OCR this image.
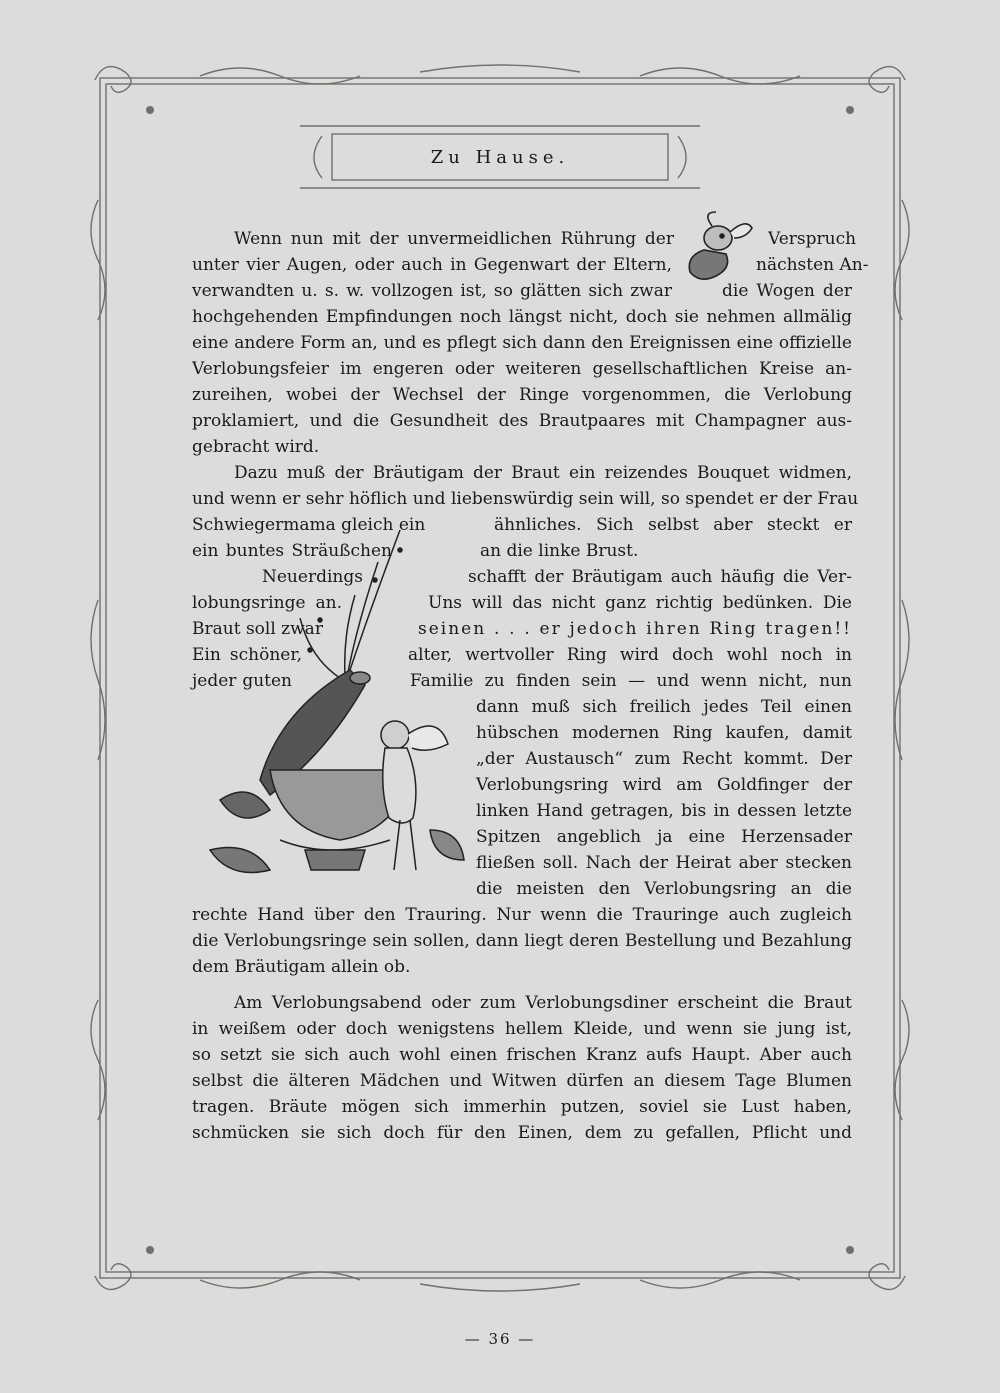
Zu Hause.
Wenn nun mit der unvermeidlichen Rührung der	Verspruch
unter vier Augen, oder auch in Gegenwart der Eltern,	nächsten An-
verwandten u. s. w. vollzogen ist, so glätten sich zwar	die Wogen der
hochgehenden Empfindungen noch längst nicht, doch sie nehmen allmälig
eine andere Form an, und es pflegt sich dann den Ereignissen eine offizielle
Verlobungsfeier im engeren oder weiteren gesellschaftlichen Kreise an-
zureihen, wobei der Wechsel der Ringe vorgenommen, die Verlobung
proklamiert, und die Gesundheit des Brautpaares mit Champagner aus-
gebracht wird.
Dazu muß der Bräutigam der Braut ein reizendes Bouquet widmen,
und wenn er sehr höflich und liebenswürdig sein will, so spendet er der Frau
Schwiegermama gleich ein	ähnliches. Sich selbst aber steckt er
ein buntes Sträußchen	an die linke Brust.
Neuerdings	schafft der Bräutigam auch häufig die Ver-
lobungsringe an.	Uns will das nicht ganz richtig bedünken. Die
Braut soll zwar	seinen . . . er jedoch ihren Ring tragen!!
Ein schöner,	alter, wertvoller Ring wird doch wohl noch in
jeder guten	Familie zu finden sein — und wenn nicht, nun
dann muß sich freilich jedes Teil einen
hübschen modernen Ring kaufen, damit
„der Austausch“ zum Recht kommt. Der
Verlobungsring wird am Goldfinger der
linken Hand getragen, bis in dessen letzte
Spitzen angeblich ja eine Herzensader
fließen soll. Nach der Heirat aber stecken
die meisten den Verlobungsring an die
rechte Hand über den Trauring. Nur wenn die Trauringe auch zugleich
die Verlobungsringe sein sollen, dann liegt deren Bestellung und Bezahlung
dem Bräutigam allein ob.
Am Verlobungsabend oder zum Verlobungsdiner erscheint die Braut
in weißem oder doch wenigstens hellem Kleide, und wenn sie jung ist,
so setzt sie sich auch wohl einen frischen Kranz aufs Haupt. Aber auch
selbst die älteren Mädchen und Witwen dürfen an diesem Tage Blumen
tragen. Bräute mögen sich immerhin putzen, soviel sie Lust haben,
schmücken sie sich doch für den Einen, dem zu gefallen, Pflicht und
— 36 —
